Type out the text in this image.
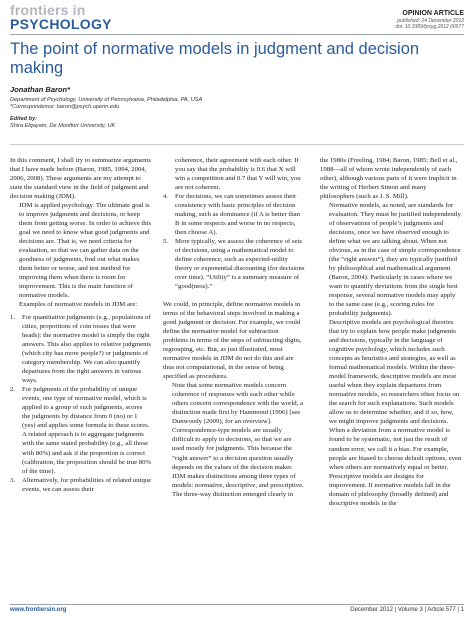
frontiers in
PSYCHOLOGY
OPINION ARTICLE
published: 24 December 2012
doi: 10.3389/fpsyg.2012.00577
The point of normative models in judgment and decision making
Jonathan Baron*
Department of Psychology, University of Pennsylvania, Philadelphia, PA, USA
*Correspondence: baron@psych.upenn.edu
Edited by:
Shira Elqayam, De Montfort University, UK

In this comment, I shall try to summarize arguments that I have made before (Baron, 1985, 1994, 2004, 2006, 2008). These arguments are my attempt to state the standard view in the field of judgment and decision making (JDM).

JDM is applied psychology. The ultimate goal is to improve judgments and decisions, or keep them from getting worse. In order to achieve this goal we need to know what good judgments and decisions are. That is, we need criteria for evaluation, so that we can gather data on the goodness of judgments, find out what makes them better or worse, and test method for improving them when there is room for improvement. This is the main function of normative models.

Examples of normative models in JDM are:

1. For quantitative judgments (e.g., populations of cities, proportions of coin tosses that were heads): the normative model is simply the right answers. This also applies to relative judgments (which city has more people?) or judgments of category membership. We can also quantify departures from the right answers in various ways.

2. For judgments of the probability of unique events, one type of normative model, which is applied to a group of such judgments, scores the judgments by distance from 0 (no) or 1 (yes) and applies some formula to these scores. A related approach is to aggregate judgments with the same stated probability (e.g., all those with 80%) and ask if the proportion is correct (calibration, the proposition should be true 80% of the time).

3. Alternatively, for probabilities of related unique events, we can assess their

coherence, their agreement with each other. If you say that the probability is 0.6 that X will win a competition and 0.7 that Y will win, you are not coherent.

4. For decisions, we can sometimes assess their consistency with basic principles of decision making, such as dominance (if A is better than B in some respects and worse in no respects, then choose A).

5. More typically, we assess the coherence of sets of decisions, using a mathematical model to define coherence, such as expected-utility theory or exponential discounting (for decisions over time). “Utility” is a summary measure of “good(ness).”

We could, in principle, define normative models in terms of the behavioral steps involved in making a good judgment or decision. For example, we could define the normative model for subtraction problems in terms of the steps of subtracting digits, regrouping, etc. But, as just illustrated, most normative models in JDM do not do this and are thus not computational, in the sense of being specified as procedures.

Note that some normative models concern coherence of responses with each other while others concern correspondence with the world, a distinction made first by Hammond (1996) [see Dunwoody (2009), for an overview]. Correspondence-type models are usually difficult to apply to decisions, so that we are used mostly for judgments. This because the “right answer” to a decision question usually depends on the values of the decision maker.

JDM makes distinctions among three types of models: normative, descriptive, and prescriptive. The three-way distinction emerged clearly in

the 1980s (Freeling, 1984; Baron, 1985; Bell et al., 1988—all of whom wrote independently of each other), although various parts of it were implicit in the writing of Herbert Simon and many philosophers (such as J. S. Mill).

Normative models, as noted, are standards for evaluation. They must be justified independently of observations of people’s judgments and decisions, once we have observed enough to define what we are talking about. When not obvious, as in the case of simple correspondence (the “right answer”), they are typically justified by philosophical and mathematical argument (Baron, 2004). Particularly in cases where we want to quantify deviations from the single best response, several normative models may apply to the same case (e.g., scoring rules for probability judgments).

Descriptive models are psychological theories that try to explain how people make judgments and decisions, typically in the language of cognitive psychology, which includes such concepts as heuristics and strategies, as well as formal mathematical models. Within the three-model framework, descriptive models are most useful when they explain departures from normative models, so researchers often focus on the search for such explanations. Such models allow us to determine whether, and if so, how, we might improve judgments and decisions. When a deviation from a normative model is found to be systematic, not just the result of random error, we call it a bias. For example, people are biased to choose default options, even when others are normatively equal or better.

Prescriptive models are designs for improvement. If normative models fall in the domain of philosophy (broadly defined) and descriptive models in the

www.frontiersin.org	December 2012 | Volume 3 | Article 577 | 1
